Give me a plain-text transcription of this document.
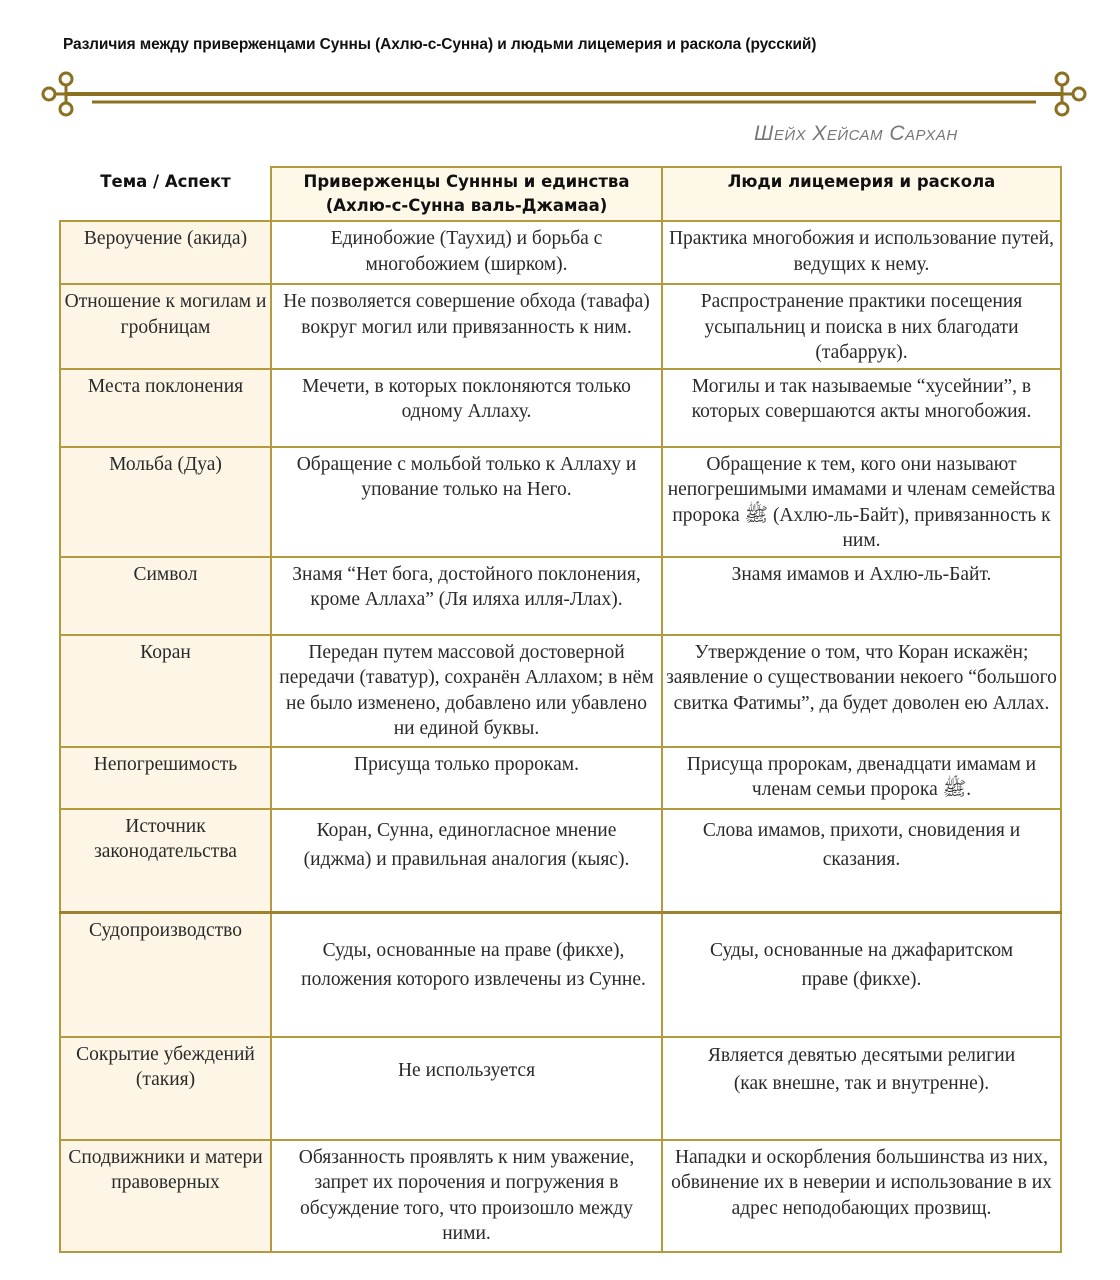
Различия между приверженцами Сунны (Ахлю-с-Сунна) и людьми лицемерия и раскола (русский)
Шейх Хейсам Сархан
Тема / Аспект	Приверженцы Суннны и единства (Ахлю-с-Сунна валь-Джамаа)	Люди лицемерия и раскола
Вероучение (акида)	Единобожие (Таухид) и борьба с многобожием (ширком).	Практика многобожия и использование путей, ведущих к нему.
Отношение к могилам и гробницам	Не позволяется совершение обхода (тавафа) вокруг могил или привязанность к ним.	Распространение практики посещения усыпальниц и поиска в них благодати (табаррук).
Места поклонения	Мечети, в которых поклоняются только одному Аллаху.	Могилы и так называемые “хусейнии”, в которых совершаются акты многобожия.
Мольба (Дуа)	Обращение с мольбой только к Аллаху и упование только на Него.	Обращение к тем, кого они называют непогрешимыми имамами и членам семейства пророка ﷺ (Ахлю-ль-Байт), привязанность к ним.
Символ	Знамя “Нет бога, достойного поклонения, кроме Аллаха” (Ля иляха илля-Ллах).	Знамя имамов и Ахлю-ль-Байт.
Коран	Передан путем массовой достоверной передачи (таватур), сохранён Аллахом; в нём не было изменено, добавлено или убавлено ни единой буквы.	Утверждение о том, что Коран искажён; заявление о существовании некоего “большого свитка Фатимы”, да будет доволен ею Аллах.
Непогрешимость	Присуща только пророкам.	Присуща пророкам, двенадцати имамам и членам семьи пророка ﷺ.
Источник законодательства	Коран, Сунна, единогласное мнение (иджма) и правильная аналогия (кыяс).	Слова имамов, прихоти, сновидения и сказания.
Судопроизводство	Суды, основанные на праве (фикхе), положения которого извлечены из Сунне.	Суды, основанные на джафаритском праве (фикхе).
Сокрытие убеждений (такия)	Не используется	Является девятью десятыми религии (как внешне, так и внутренне).
Сподвижники и матери правоверных	Обязанность проявлять к ним уважение, запрет их порочения и погружения в обсуждение того, что произошло между ними.	Нападки и оскорбления большинства из них, обвинение их в неверии и использование в их адрес неподобающих прозвищ.
